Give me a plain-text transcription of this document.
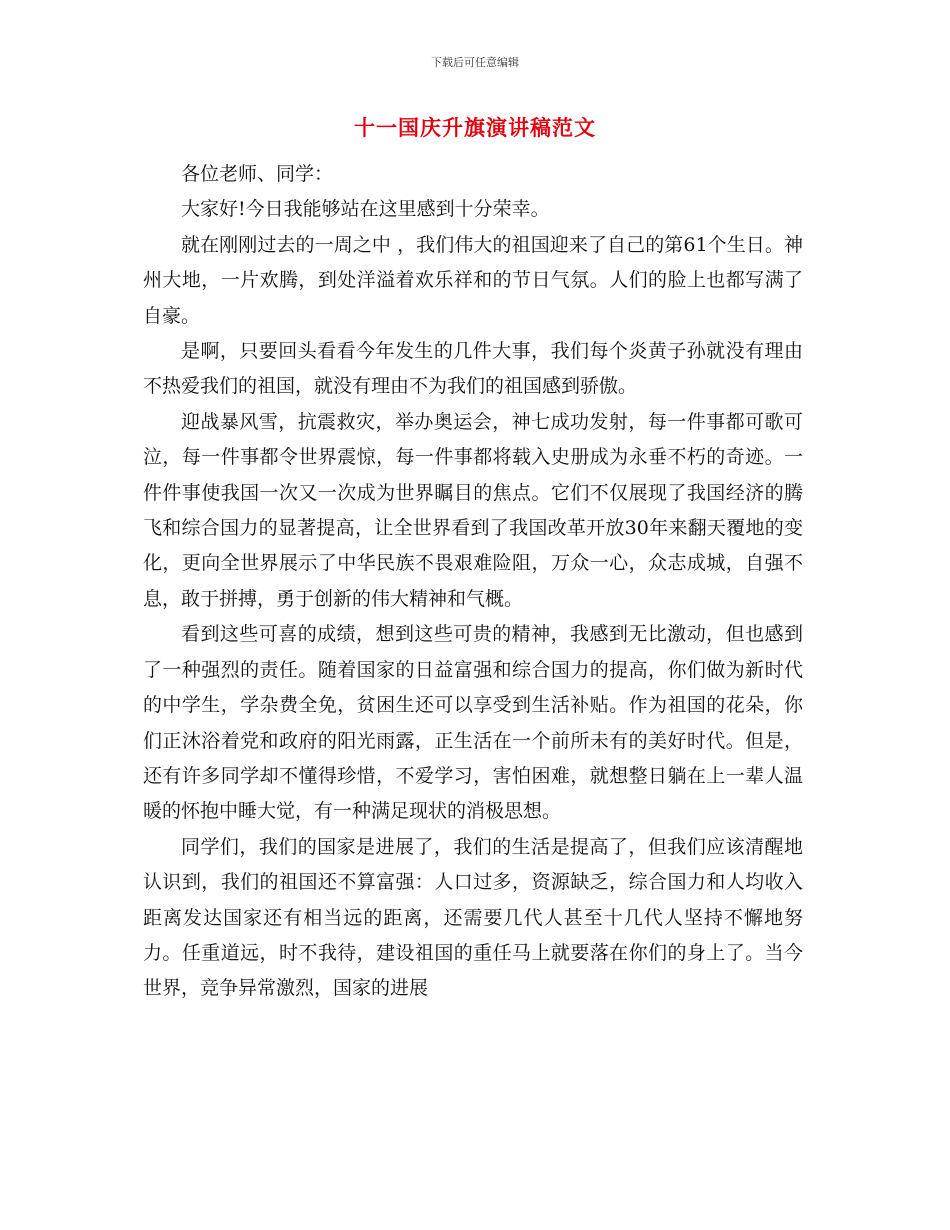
下载后可任意编辑
十一国庆升旗演讲稿范文

各位老师、同学：

大家好!今日我能够站在这里感到十分荣幸。

就在刚刚过去的一周之中 ，我们伟大的祖国迎来了自己的第61个生日。神州大地，一片欢腾，到处洋溢着欢乐祥和的节日气氛。人们的脸上也都写满了自豪。

是啊，只要回头看看今年发生的几件大事，我们每个炎黄子孙就没有理由不热爱我们的祖国，就没有理由不为我们的祖国感到骄傲。

迎战暴风雪，抗震救灾，举办奥运会，神七成功发射，每一件事都可歌可泣，每一件事都令世界震惊，每一件事都将载入史册成为永垂不朽的奇迹。一件件事使我国一次又一次成为世界瞩目的焦点。它们不仅展现了我国经济的腾飞和综合国力的显著提高，让全世界看到了我国改革开放30年来翻天覆地的变化，更向全世界展示了中华民族不畏艰难险阻，万众一心，众志成城，自强不息，敢于拼搏，勇于创新的伟大精神和气概。

看到这些可喜的成绩，想到这些可贵的精神，我感到无比激动，但也感到了一种强烈的责任。随着国家的日益富强和综合国力的提高，你们做为新时代的中学生，学杂费全免，贫困生还可以享受到生活补贴。作为祖国的花朵，你们正沐浴着党和政府的阳光雨露，正生活在一个前所未有的美好时代。但是，还有许多同学却不懂得珍惜，不爱学习，害怕困难，就想整日躺在上一辈人温暖的怀抱中睡大觉，有一种满足现状的消极思想。

同学们，我们的国家是进展了，我们的生活是提高了，但我们应该清醒地认识到，我们的祖国还不算富强：人口过多，资源缺乏，综合国力和人均收入距离发达国家还有相当远的距离，还需要几代人甚至十几代人坚持不懈地努力。任重道远，时不我待，建设祖国的重任马上就要落在你们的身上了。当今世界，竞争异常激烈，国家的进展
